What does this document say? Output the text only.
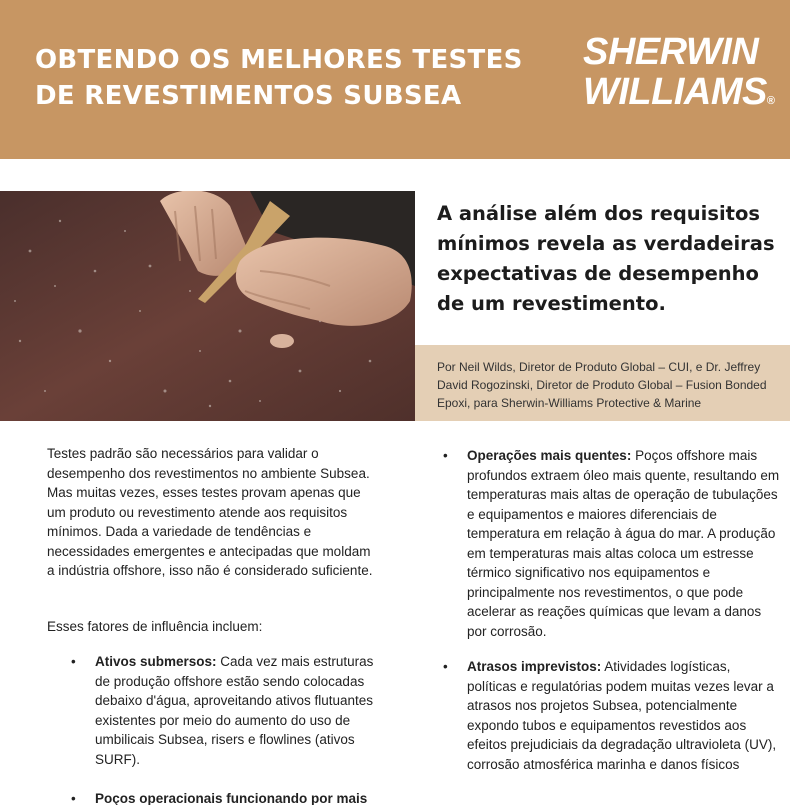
OBTENDO OS MELHORES TESTES
DE REVESTIMENTOS SUBSEA
SHERWIN
WILLIAMS®
A análise além dos requisitos mínimos revela as verdadeiras expectativas de desempenho de um revestimento.
Por Neil Wilds, Diretor de Produto Global – CUI, e Dr. Jeffrey David Rogozinski, Diretor de Produto Global – Fusion Bonded Epoxi, para Sherwin-Williams Protective & Marine

Testes padrão são necessários para validar o desempenho dos revestimentos no ambiente Subsea. Mas muitas vezes, esses testes provam apenas que um produto ou revestimento atende aos requisitos mínimos. Dada a variedade de tendências e necessidades emergentes e antecipadas que moldam a indústria offshore, isso não é considerado suficiente.

Esses fatores de influência incluem:

• Ativos submersos: Cada vez mais estruturas de produção offshore estão sendo colocadas debaixo d'água, aproveitando ativos flutuantes existentes por meio do aumento do uso de umbilicais Subsea, risers e flowlines (ativos SURF).
• Poços operacionais funcionando por mais
• Operações mais quentes: Poços offshore mais profundos extraem óleo mais quente, resultando em temperaturas mais altas de operação de tubulações e equipamentos e maiores diferenciais de temperatura em relação à água do mar. A produção em temperaturas mais altas coloca um estresse térmico significativo nos equipamentos e principalmente nos revestimentos, o que pode acelerar as reações químicas que levam a danos por corrosão.
• Atrasos imprevistos: Atividades logísticas, políticas e regulatórias podem muitas vezes levar a atrasos nos projetos Subsea, potencialmente expondo tubos e equipamentos revestidos aos efeitos prejudiciais da degradação ultravioleta (UV), corrosão atmosférica marinha e danos físicos
